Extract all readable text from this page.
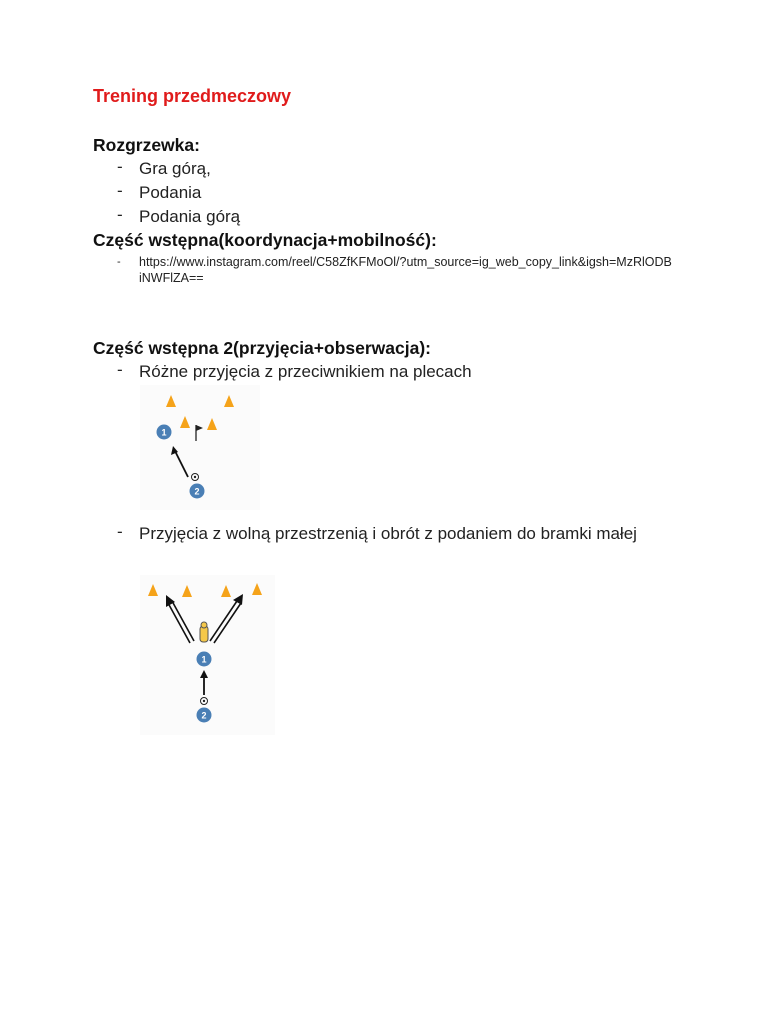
Trening przedmeczowy
Rozgrzewka:
- Gra górą,
- Podania
- Podania górą
Część wstępna(koordynacja+mobilność):
-	https://www.instagram.com/reel/C58ZfKFMoOl/?utm_source=ig_web_copy_link&igsh=MzRlODBiNWFlZA==
Część wstępna 2(przyjęcia+obserwacja):
- Różne przyjęcia z przeciwnikiem na plecach
1
2
- Przyjęcia z wolną przestrzenią i obrót z podaniem do bramki małej
1
2
